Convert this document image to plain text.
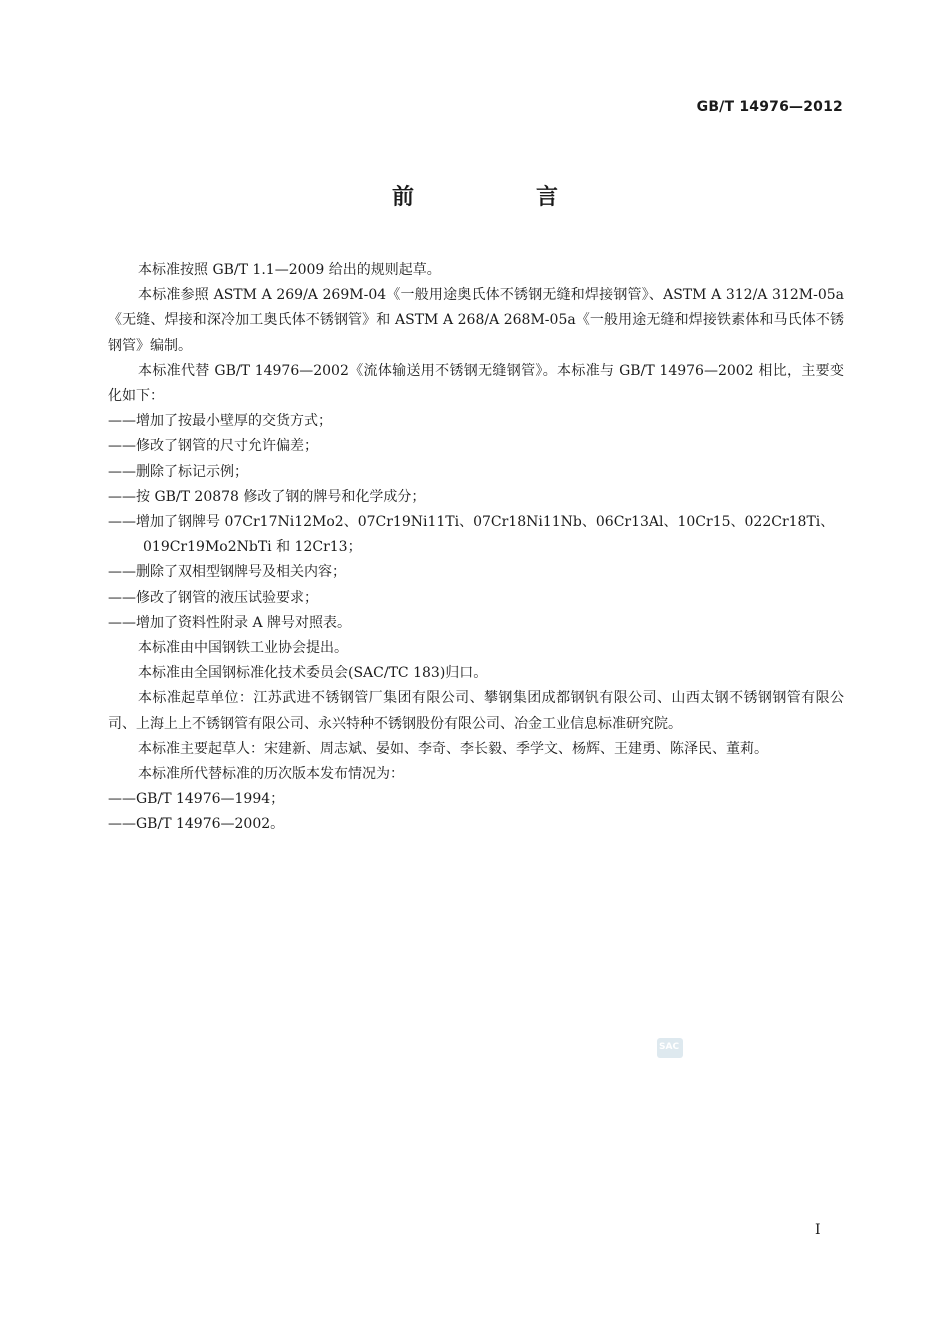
GB/T 14976—2012
前　言

本标准按照 GB/T 1.1—2009 给出的规则起草。

本标准参照 ASTM A 269/A 269M-04《一般用途奥氏体不锈钢无缝和焊接钢管》、ASTM A 312/A 312M-05a《无缝、焊接和深冷加工奥氏体不锈钢管》和 ASTM A 268/A 268M-05a《一般用途无缝和焊接铁素体和马氏体不锈钢管》编制。

本标准代替 GB/T 14976—2002《流体输送用不锈钢无缝钢管》。本标准与 GB/T 14976—2002 相比，主要变化如下：

——增加了按最小壁厚的交货方式；

——修改了钢管的尺寸允许偏差；

——删除了标记示例；

——按 GB/T 20878 修改了钢的牌号和化学成分；

——增加了钢牌号 07Cr17Ni12Mo2、07Cr19Ni11Ti、07Cr18Ni11Nb、06Cr13Al、10Cr15、022Cr18Ti、019Cr19Mo2NbTi 和 12Cr13；

——删除了双相型钢牌号及相关内容；

——修改了钢管的液压试验要求；

——增加了资料性附录 A 牌号对照表。

本标准由中国钢铁工业协会提出。

本标准由全国钢标准化技术委员会(SAC/TC 183)归口。

本标准起草单位：江苏武进不锈钢管厂集团有限公司、攀钢集团成都钢钒有限公司、山西太钢不锈钢钢管有限公司、上海上上不锈钢管有限公司、永兴特种不锈钢股份有限公司、冶金工业信息标准研究院。

本标准主要起草人：宋建新、周志斌、晏如、李奇、李长毅、季学文、杨辉、王建勇、陈泽民、董莉。

本标准所代替标准的历次版本发布情况为：

——GB/T 14976—1994；

——GB/T 14976—2002。

SAC
I
